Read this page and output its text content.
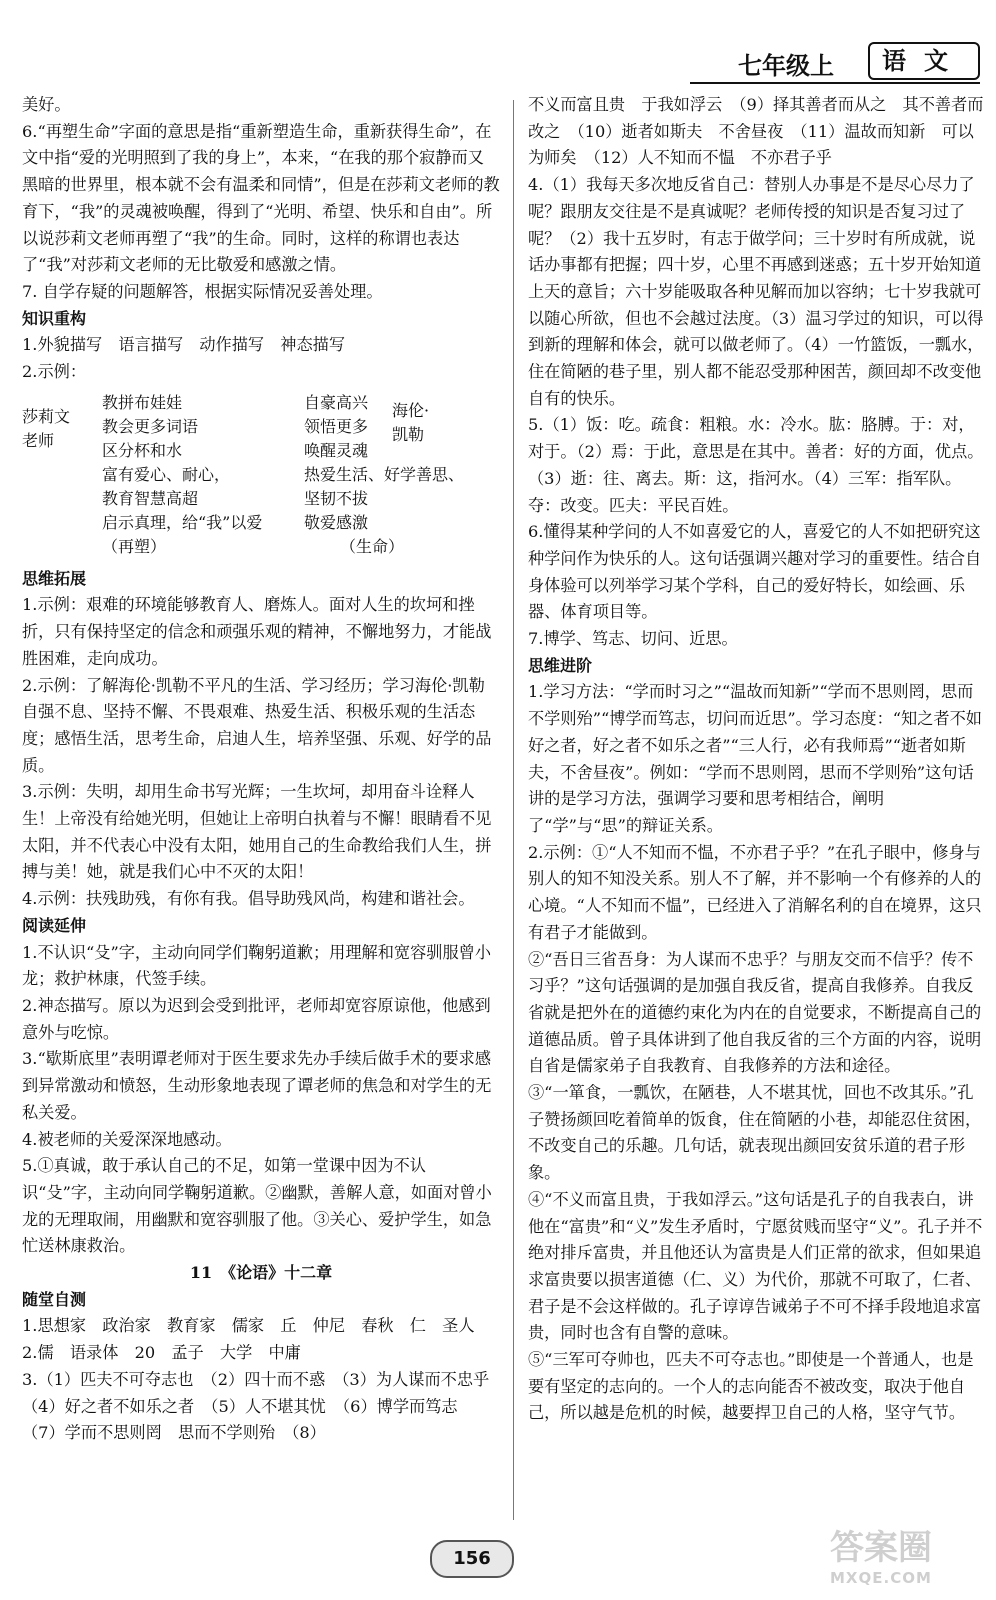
七年级上	语文

美好。

6.“再塑生命”字面的意思是指“重新塑造生命，重新获得生命”，在文中指“爱的光明照到了我的身上”，本来，“在我的那个寂静而又黑暗的世界里，根本就不会有温柔和同情”，但是在莎莉文老师的教育下，“我”的灵魂被唤醒，得到了“光明、希望、快乐和自由”。所以说莎莉文老师再塑了“我”的生命。同时，这样的称谓也表达了“我”对莎莉文老师的无比敬爱和感激之情。

7. 自学存疑的问题解答，根据实际情况妥善处理。

知识重构

1.外貌描写　语言描写　动作描写　神态描写

2.示例：

莎莉文
老师
教拼布娃娃
教会更多词语
区分杯和水
富有爱心、耐心，
教育智慧高超
启示真理，给“我”以爱
（再塑）
自豪高兴
领悟更多
唤醒灵魂
热爱生活、好学善思、
坚韧不拔
敬爱感激
（生命）
海伦·
凯勒

思维拓展

1.示例：艰难的环境能够教育人、磨炼人。面对人生的坎坷和挫折，只有保持坚定的信念和顽强乐观的精神，不懈地努力，才能战胜困难，走向成功。

2.示例：了解海伦·凯勒不平凡的生活、学习经历；学习海伦·凯勒自强不息、坚持不懈、不畏艰难、热爱生活、积极乐观的生活态度；感悟生活，思考生命，启迪人生，培养坚强、乐观、好学的品质。

3.示例：失明，却用生命书写光辉；一生坎坷，却用奋斗诠释人生！上帝没有给她光明，但她让上帝明白执着与不懈！眼睛看不见太阳，并不代表心中没有太阳，她用自己的生命教给我们人生，拼搏与美！她，就是我们心中不灭的太阳！

4.示例：扶残助残，有你有我。倡导助残风尚，构建和谐社会。

阅读延伸

1.不认识“殳”字，主动向同学们鞠躬道歉；用理解和宽容驯服曾小龙；救护林康，代签手续。

2.神态描写。原以为迟到会受到批评，老师却宽容原谅他，他感到意外与吃惊。

3.“歇斯底里”表明谭老师对于医生要求先办手续后做手术的要求感到异常激动和愤怒，生动形象地表现了谭老师的焦急和对学生的无私关爱。

4.被老师的关爱深深地感动。

5.①真诚，敢于承认自己的不足，如第一堂课中因为不认识“殳”字，主动向同学鞠躬道歉。②幽默，善解人意，如面对曾小龙的无理取闹，用幽默和宽容驯服了他。③关心、爱护学生，如急忙送林康救治。

11　《论语》十二章

随堂自测

1.思想家　政治家　教育家　儒家　丘　仲尼　春秋　仁　圣人

2.儒　语录体　20　孟子　大学　中庸

3.（1）匹夫不可夺志也　（2）四十而不惑　（3）为人谋而不忠乎　（4）好之者不如乐之者　（5）人不堪其忧　（6）博学而笃志　（7）学而不思则罔　思而不学则殆　（8）

不义而富且贵　于我如浮云　（9）择其善者而从之　其不善者而改之　（10）逝者如斯夫　不舍昼夜　（11）温故而知新　可以为师矣　（12）人不知而不愠　不亦君子乎

4.（1）我每天多次地反省自己：替别人办事是不是尽心尽力了呢？跟朋友交往是不是真诚呢？老师传授的知识是否复习过了呢？（2）我十五岁时，有志于做学问；三十岁时有所成就，说话办事都有把握；四十岁，心里不再感到迷惑；五十岁开始知道上天的意旨；六十岁能吸取各种见解而加以容纳；七十岁我就可以随心所欲，但也不会越过法度。（3）温习学过的知识，可以得到新的理解和体会，就可以做老师了。（4）一竹篮饭，一瓢水，住在简陋的巷子里，别人都不能忍受那种困苦，颜回却不改变他自有的快乐。

5.（1）饭：吃。疏食：粗粮。水：冷水。肱：胳膊。于：对，对于。（2）焉：于此，意思是在其中。善者：好的方面，优点。（3）逝：往、离去。斯：这，指河水。（4）三军：指军队。夺：改变。匹夫：平民百姓。

6.懂得某种学问的人不如喜爱它的人，喜爱它的人不如把研究这种学问作为快乐的人。这句话强调兴趣对学习的重要性。结合自身体验可以列举学习某个学科，自己的爱好特长，如绘画、乐器、体育项目等。

7.博学、笃志、切问、近思。

思维进阶

1.学习方法：“学而时习之”“温故而知新”“学而不思则罔，思而不学则殆”“博学而笃志，切问而近思”。学习态度：“知之者不如好之者，好之者不如乐之者”“三人行，必有我师焉”“逝者如斯夫，不舍昼夜”。例如：“学而不思则罔，思而不学则殆”这句话讲的是学习方法，强调学习要和思考相结合，阐明了“学”与“思”的辩证关系。

2.示例：①“人不知而不愠，不亦君子乎？”在孔子眼中，修身与别人的知不知没关系。别人不了解，并不影响一个有修养的人的心境。“人不知而不愠”，已经进入了消解名利的自在境界，这只有君子才能做到。

②“吾日三省吾身：为人谋而不忠乎？与朋友交而不信乎？传不习乎？”这句话强调的是加强自我反省，提高自我修养。自我反省就是把外在的道德约束化为内在的自觉要求，不断提高自己的道德品质。曾子具体讲到了他自我反省的三个方面的内容，说明自省是儒家弟子自我教育、自我修养的方法和途径。

③“一箪食，一瓢饮，在陋巷，人不堪其忧，回也不改其乐。”孔子赞扬颜回吃着简单的饭食，住在简陋的小巷，却能忍住贫困，不改变自己的乐趣。几句话，就表现出颜回安贫乐道的君子形象。

④“不义而富且贵，于我如浮云。”这句话是孔子的自我表白，讲他在“富贵”和“义”发生矛盾时，宁愿贫贱而坚守“义”。孔子并不绝对排斥富贵，并且他还认为富贵是人们正常的欲求，但如果追求富贵要以损害道德（仁、义）为代价，那就不可取了，仁者、君子是不会这样做的。孔子谆谆告诫弟子不可不择手段地追求富贵，同时也含有自警的意味。

⑤“三军可夺帅也，匹夫不可夺志也。”即使是一个普通人，也是要有坚定的志向的。一个人的志向能否不被改变，取决于他自己，所以越是危机的时候，越要捍卫自己的人格，坚守气节。

156	答案圈
MXQE.COM
